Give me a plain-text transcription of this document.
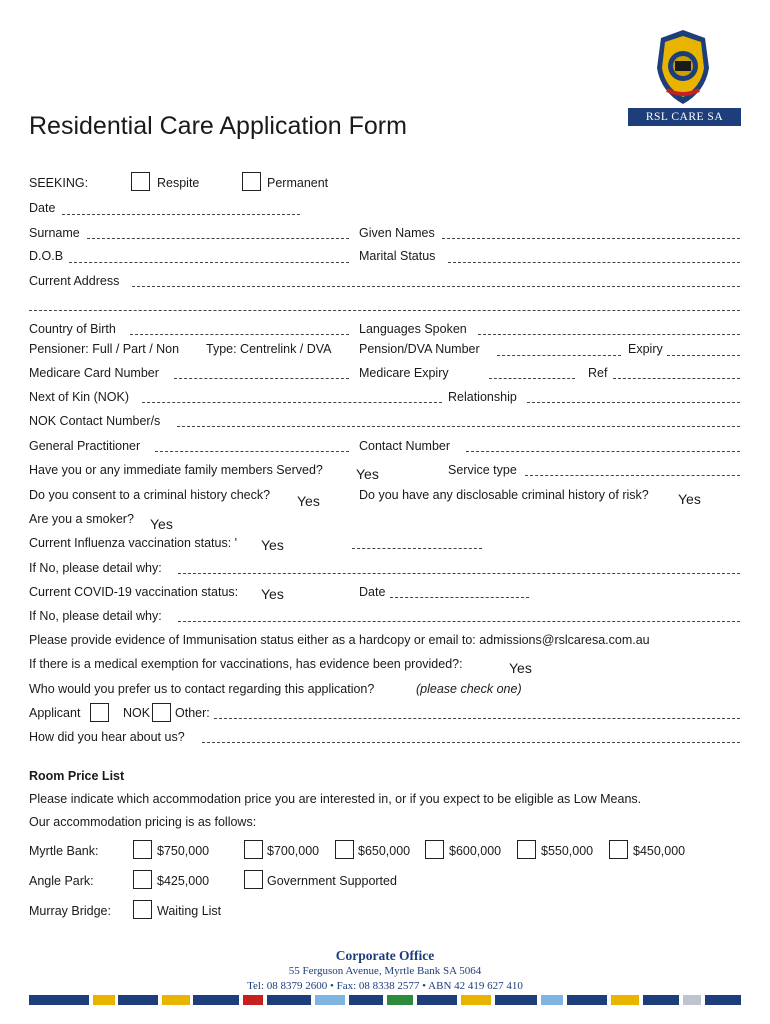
RSL CARE SA
Residential Care Application Form
SEEKING:	Respite	Permanent
Date
Surname	Given Names
D.O.B	Marital Status
Current Address
Country of Birth	Languages Spoken
Pensioner: Full / Part / Non Type: Centrelink / DVA Pension/DVA Number	Expiry
Medicare Card Number	Medicare Expiry	Ref
Next of Kin (NOK)	Relationship
NOK Contact Number/s
General Practitioner	Contact Number
Have you or any immediate family members Served? Yes	Service type
Do you consent to a criminal history check? Yes	Do you have any disclosable criminal history of risk? Yes
Are you a smoker? Yes
Current Influenza vaccination status: ' Yes
If No, please detail why:
Current COVID-19 vaccination status: Yes	Date
If No, please detail why:
Please provide evidence of Immunisation status either as a hardcopy or email to: admissions@rslcaresa.com.au
If there is a medical exemption for vaccinations, has evidence been provided?:	Yes
Who would you prefer us to contact regarding this application?	(please check one)
Applicant	NOK Other:
How did you hear about us?
Room Price List
Please indicate which accommodation price you are interested in, or if you expect to be eligible as Low Means.
Our accommodation pricing is as follows:
Myrtle Bank:	$750,000	$700,000	$650,000	$600,000	$550,000	$450,000
Angle Park:	$425,000	Government Supported
Murray Bridge:	Waiting List
Corporate Office
55 Ferguson Avenue, Myrtle Bank SA 5064
Tel: 08 8379 2600 • Fax: 08 8338 2577 • ABN 42 419 627 410
